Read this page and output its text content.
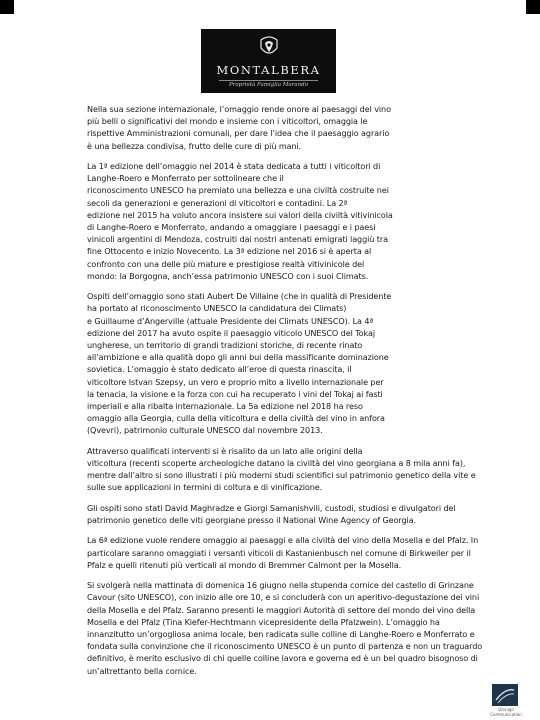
MONTALBERA
Proprietà Famiglia Morando

Nella sua sezione internazionale, l’omaggio rende onore ai paesaggi del vino
più belli o significativi del mondo e insieme con i viticoltori, omaggia le
rispettive Amministrazioni comunali, per dare l’idea che il paesaggio agrario
è una bellezza condivisa, frutto delle cure di più mani.

La 1ª edizione dell’omaggio nel 2014 è stata dedicata a tutti i viticoltori di
Langhe-Roero e Monferrato per sottolineare che il
riconoscimento UNESCO ha premiato una bellezza e una civiltà costruite nei
secoli da generazioni e generazioni di viticoltori e contadini. La 2ª
edizione nel 2015 ha voluto ancora insistere sui valori della civiltà vitivinicola
di Langhe-Roero e Monferrato, andando a omaggiare i paesaggi e i paesi
vinicoli argentini di Mendoza, costruiti dai nostri antenati emigrati laggiù tra
fine Ottocento e inizio Novecento. La 3ª edizione nel 2016 si è aperta al
confronto con una delle più mature e prestigiose realtà vitivinicole del
mondo: la Borgogna, anch’essa patrimonio UNESCO con i suoi Climats.

Ospiti dell’omaggio sono stati Aubert De Villaine (che in qualità di Presidente
ha portato al riconoscimento UNESCO la candidatura dei Climats)
e Guillaume d’Angerville (attuale Presidente dei Climats UNESCO). La 4ª
edizione del 2017 ha avuto ospite il paesaggio viticolo UNESCO del Tokaj
ungherese, un territorio di grandi tradizioni storiche, di recente rinato
all’ambizione e alla qualità dopo gli anni bui della massificante dominazione
sovietica. L’omaggio è stato dedicato all’eroe di questa rinascita, il
viticoltore Istvan Szepsy, un vero e proprio mito a livello internazionale per
la tenacia, la visione e la forza con cui ha recuperato i vini del Tokaj ai fasti
imperiali e alla ribalta internazionale. La 5a edizione nel 2018 ha reso
omaggio alla Georgia, culla della viticoltura e della civiltà del vino in anfora
(Qvevri), patrimonio culturale UNESCO dal novembre 2013.

Attraverso qualificati interventi si è risalito da un lato alle origini della
viticoltura (recenti scoperte archeologiche datano la civiltà del vino georgiana a 8 mila anni fa),
mentre dall’altro si sono illustrati i più moderni studi scientifici sul patrimonio genetico della vite e
sulle sue applicazioni in termini di coltura e di vinificazione.

Gli ospiti sono stati David Maghradze e Giorgi Samanishvili, custodi, studiosi e divulgatori del
patrimonio genetico delle viti georgiane presso il National Wine Agency of Georgia.

La 6ª edizione vuole rendere omaggio ai paesaggi e alla civiltà del vino della Mosella e del Pfalz. In
particolare saranno omaggiati i versanti viticoli di Kastanienbusch nel comune di Birkweiler per il
Pfalz e quelli ritenuti più verticali al mondo di Bremmer Calmont per la Mosella.

Si svolgerà nella mattinata di domenica 16 giugno nella stupenda cornice del castello di Grinzane
Cavour (sito UNESCO), con inizio alle ore 10, e si concluderà con un aperitivo-degustazione dei vini
della Mosella e del Pfalz. Saranno presenti le maggiori Autorità di settore del mondo del vino della
Mosella e del Pfalz (Tina Kiefer-Hechtmann vicepresidente della Pfalzwein). L’omaggio ha
innanzitutto un’orgogliosa anima locale, ben radicata sulle colline di Langhe-Roero e Monferrato e
fondata sulla convinzione che il riconoscimento UNESCO è un punto di partenza e non un traguardo
definitivo, è merito esclusivo di chi quelle colline lavora e governa ed è un bel quadro bisognoso di
un’altrettanto bella cornice.

Omnigo Communication
